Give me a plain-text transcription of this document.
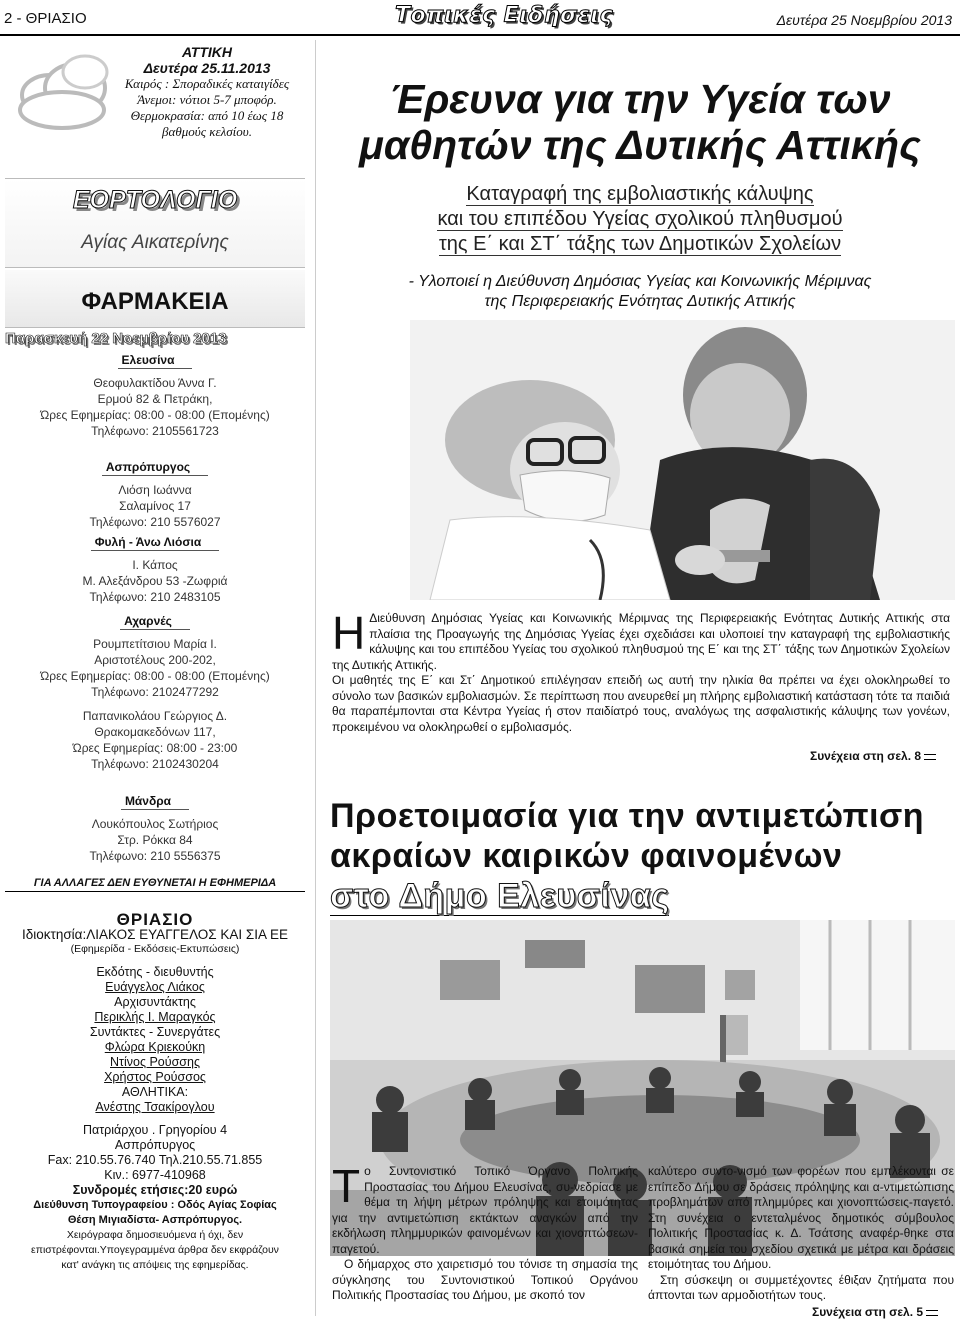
2 - ΘΡΙΑΣΙΟ	Τοπικές Ειδήσεις	Δευτέρα 25 Νοεμβρίου 2013
ΑΤΤΙΚΗ
Δευτέρα 25.11.2013
Καιρός : Σποραδικές καταιγίδες
Άνεμοι: νότιοι 5-7 μποφόρ.
Θερμοκρασία: από 10 έως 18
βαθμούς κελσίου.
ΕΟΡΤΟΛΟΓΙΟ
Αγίας Αικατερίνης
ΦΑΡΜΑΚΕΙΑ
Παρασκευή 22 Νοεμβρίου 2013
Ελευσίνα
Θεοφυλακτίδου Άννα Γ.
Ερμού 82 & Πετράκη,
Ώρες Εφημερίας: 08:00 - 08:00 (Επομένης)
Τηλέφωνο: 2105561723
Ασπρόπυργος
Λιόση Ιωάννα
Σαλαμίνος 17
Τηλέφωνο: 210 5576027
Φυλή - Άνω Λιόσια
Ι. Κάπος
Μ. Αλεξάνδρου 53 -Ζωφριά
Τηλέφωνο: 210 2483105
Αχαρνές
Ρουμπετίτσιου Μαρία Ι.
Αριστοτέλους 200-202,
Ώρες Εφημερίας: 08:00 - 08:00 (Επομένης)
Τηλέφωνο: 2102477292
Παπανικολάου Γεώργιος Δ.
Θρακομακεδόνων 117,
Ώρες Εφημερίας: 08:00 - 23:00
Τηλέφωνο: 2102430204
Μάνδρα
Λουκόπουλος Σωτήριος
Στρ. Ρόκκα 84
Τηλέφωνο: 210 5556375
ΓΙΑ ΑΛΛΑΓΕΣ ΔΕΝ ΕΥΘΥΝΕΤΑΙ Η ΕΦΗΜΕΡΙΔΑ
ΘΡΙΑΣΙΟ
Ιδιοκτησία:ΛΙΑΚΟΣ ΕΥΑΓΓΕΛΟΣ ΚΑΙ ΣΙΑ ΕΕ
(Εφημερίδα - Εκδόσεις-Εκτυπώσεις)
Εκδότης - διευθυντής
Ευάγγελος Λιάκος
Αρχισυντάκτης
Περικλής Ι. Μαραγκός
Συντάκτες - Συνεργάτες
Φλώρα Κριεκούκη
Ντίνος Ρούσσης
Χρήστος Ρούσσος
ΑΘΛΗΤΙΚΑ:
Ανέστης Τσακίρογλου
Πατριάρχου . Γρηγορίου 4
Ασπρόπυργος
Fax: 210.55.76.740 Τηλ.210.55.71.855
Κιν.: 6977-410968
Συνδρομές ετήσιες:20 ευρώ
Διεύθυνση Τυπογραφείου : Οδός Αγίας Σοφίας
Θέση Μιγιαδίστα- Ασπρόπυργος.
Χειρόγραφα δημοσιευόμενα ή όχι, δεν
επιστρέφονται.Υπογεγραμμένα άρθρα δεν εκφράζουν
κατ' ανάγκη τις απόψεις της εφημερίδας.
Έρευνα για την Υγεία των
μαθητών της Δυτικής Αττικής
Καταγραφή της εμβολιαστικής κάλυψης
και του επιπέδου Υγείας σχολικού πληθυσμού
της Ε΄ και ΣΤ΄ τάξης των Δημοτικών Σχολείων
- Υλοποιεί η Διεύθυνση Δημόσιας Υγείας και Κοινωνικής Μέριμνας
της Περιφερειακής Ενότητας Δυτικής Αττικής
Η Διεύθυνση Δημόσιας Υγείας και Κοινωνικής Μέριμνας της Περιφερειακής Ενότητας Δυτικής Αττικής στα πλαίσια της Προαγωγής της Δημόσιας Υγείας έχει σχεδιάσει και υλοποιεί την καταγραφή της εμβολιαστικής κάλυψης και του επιπέδου Υγείας του σχολικού πληθυσμού της Ε΄ και της ΣΤ΄ τάξης των Δημοτικών Σχολείων της Δυτικής Αττικής.
Οι μαθητές της Ε΄ και Στ΄ Δημοτικού επιλέγησαν επειδή ως αυτή την ηλικία θα πρέπει να έχει ολοκληρωθεί το σύνολο των βασικών εμβολιασμών. Σε περίπτωση που ανευρεθεί μη πλήρης εμβολιαστική κατάσταση τότε τα παιδιά θα παραπέμπονται στα Κέντρα Υγείας ή στον παιδίατρό τους, αναλόγως της ασφαλιστικής κάλυψης των γονέων, προκειμένου να ολοκληρωθεί ο εμβολιασμός.
Συνέχεια στη σελ. 8
Προετοιμασία για την αντιμετώπιση
ακραίων καιρικών φαινομένων
στο Δήμο Ελευσίνας
Τ ο Συντονιστικό Τοπικό Όργανο Πολιτικής Προστασίας του Δήμου Ελευσίνας, συ-νεδρίασε με θέμα τη λήψη μέτρων πρόληψης και ετοιμότητας για την αντιμετώπιση εκτάκτων αναγκών από την εκδήλωση πλημμυρικών φαινομένων και χιονοπτώσεων-παγετού.
Ο δήμαρχος στο χαιρετισμό του τόνισε τη σημασία της σύγκλησης του Συντονιστικού Τοπικού Οργάνου Πολιτικής Προστασίας του Δήμου, με σκοπό τον
καλύτερο συντο-νισμό των φορέων που εμπλέκονται σε επίπεδο Δήμου σε δράσεις πρόληψης και α-ντιμετώπισης προβλημάτων από πλημμύρες και χιονοπτώσεις-παγετό. Στη συνέχεια ο εντεταλμένος δημοτικός σύμβουλος Πολιτικής Προστασίας κ. Δ. Τσάτσης αναφέρ-θηκε στα βασικά σημεία του σχεδίου σχετικά με μέτρα και δράσεις ετοιμότητας του Δήμου.
Στη σύσκεψη οι συμμετέχοντες έθιξαν ζητήματα που άπτονται των αρμοδιοτήτων τους.
Συνέχεια στη σελ. 5
